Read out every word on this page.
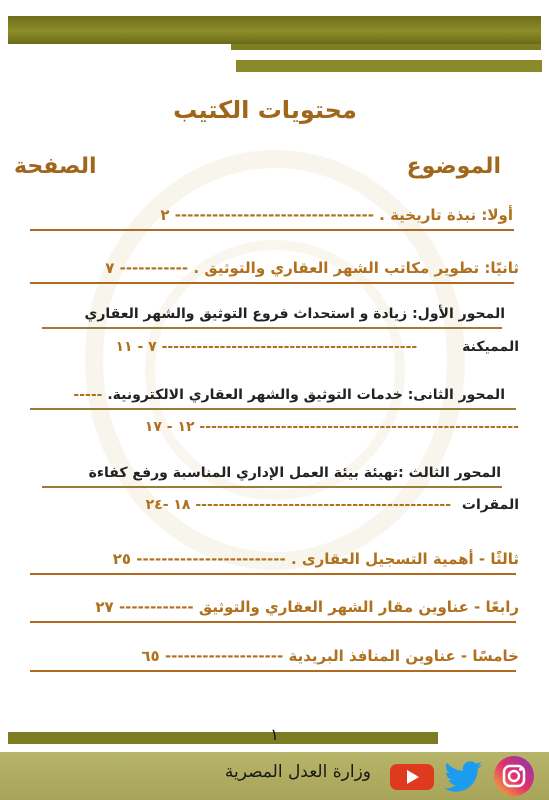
محتويات الكتيب
الموضوع
الصفحة
أولا: نبذة تاريخية . -------------------------------- ٢
ثانيًا: تطوير مكاتب الشهر العقاري والتوثيق . ----------- ٧
المحور الأول: زيادة و استحداث فروع التوثيق والشهر العقاري
المميكنة -------------------------------------------- ٧ - ١١
المحور الثانى: خدمات التوثيق والشهر العقاري الالكترونية. -----
------------------------------------------------------- ١٢ - ١٧
المحور الثالث :تهيئة بيئة العمل الإداري المناسبة ورفع كفاءة
المقرات -------------------------------------------- ١٨ -٢٤
ثالثًا - أهمية التسجيل العقارى . ------------------------ ٢٥
رابعًا - عناوين مقار الشهر العقاري والتوثيق ------------ ٢٧
خامسًا - عناوين المنافذ البريدية ------------------- ٦٥
١
وزارة العدل المصرية
